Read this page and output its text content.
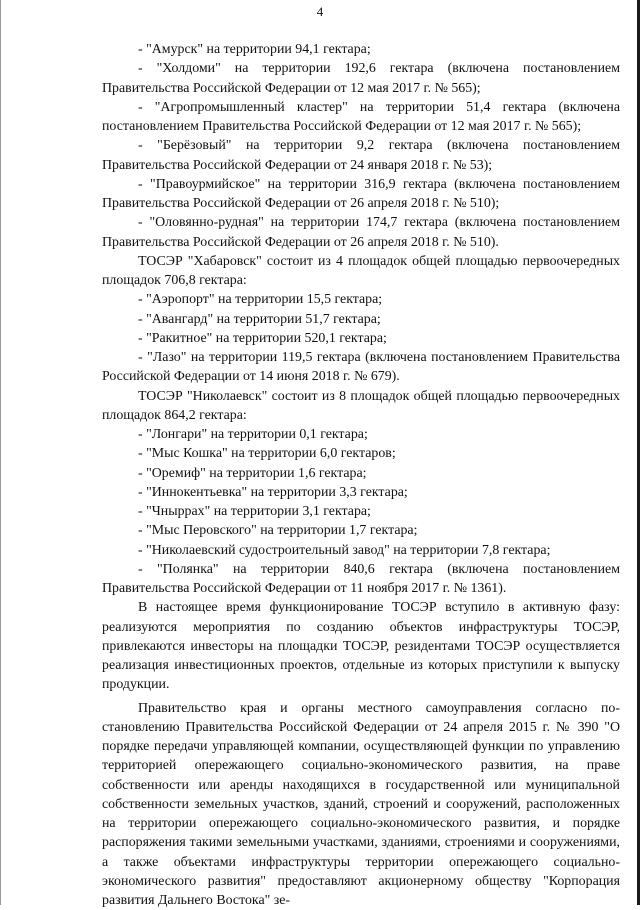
4

- "Амурск" на территории 94,1 гектара;

- "Холдоми" на территории 192,6 гектара (включена постановлением Правительства Российской Федерации от 12 мая 2017 г. № 565);

- "Агропромышленный кластер" на территории 51,4 гектара (включена постановлением Правительства Российской Федерации от 12 мая 2017 г. № 565);

- "Берёзовый" на территории 9,2 гектара (включена постановлением Правительства Российской Федерации от 24 января 2018 г. № 53);

- "Правоурмийское" на территории 316,9 гектара (включена постановлением Правительства Российской Федерации от 26 апреля 2018 г. № 510);

- "Оловянно-рудная" на территории 174,7 гектара (включена постановлением Правительства Российской Федерации от 26 апреля 2018 г. № 510).

ТОСЭР "Хабаровск" состоит из 4 площадок общей площадью первоочередных площадок 706,8 гектара:

- "Аэропорт" на территории 15,5 гектара;

- "Авангард" на территории 51,7 гектара;

- "Ракитное" на территории 520,1 гектара;

- "Лазо" на территории 119,5 гектара (включена постановлением Правительства Российской Федерации от 14 июня 2018 г. № 679).

ТОСЭР "Николаевск" состоит из 8 площадок общей площадью первоочередных площадок 864,2 гектара:

- "Лонгари" на территории 0,1 гектара;

- "Мыс Кошка" на территории 6,0 гектаров;

- "Оремиф" на территории 1,6 гектара;

- "Иннокентьевка" на территории 3,3 гектара;

- "Чныррах" на территории 3,1 гектара;

- "Мыс Перовского" на территории 1,7 гектара;

- "Николаевский судостроительный завод" на территории 7,8 гектара;

- "Полянка" на территории 840,6 гектара (включена постановлением Правительства Российской Федерации от 11 ноября 2017 г. № 1361).

В настоящее время функционирование ТОСЭР вступило в активную фазу: реализуются мероприятия по созданию объектов инфраструктуры ТОСЭР, привлекаются инвесторы на площадки ТОСЭР, резидентами ТОСЭР осуществляется реализация инвестиционных проектов, отдельные из которых приступили к выпуску продукции.

Правительство края и органы местного самоуправления согласно постановлению Правительства Российской Федерации от 24 апреля 2015 г. № 390 "О порядке передачи управляющей компании, осуществляющей функции по управлению территорией опережающего социально-экономического развития, на праве собственности или аренды находящихся в государственной или муниципальной собственности земельных участков, зданий, строений и сооружений, расположенных на территории опережающего социально-экономического развития, и порядке распоряжения такими земельными участками, зданиями, строениями и сооружениями, а также объектами инфраструктуры территории опережающего социально-экономического развития" предоставляют акционерному обществу "Корпорация развития Дальнего Востока" зе-
